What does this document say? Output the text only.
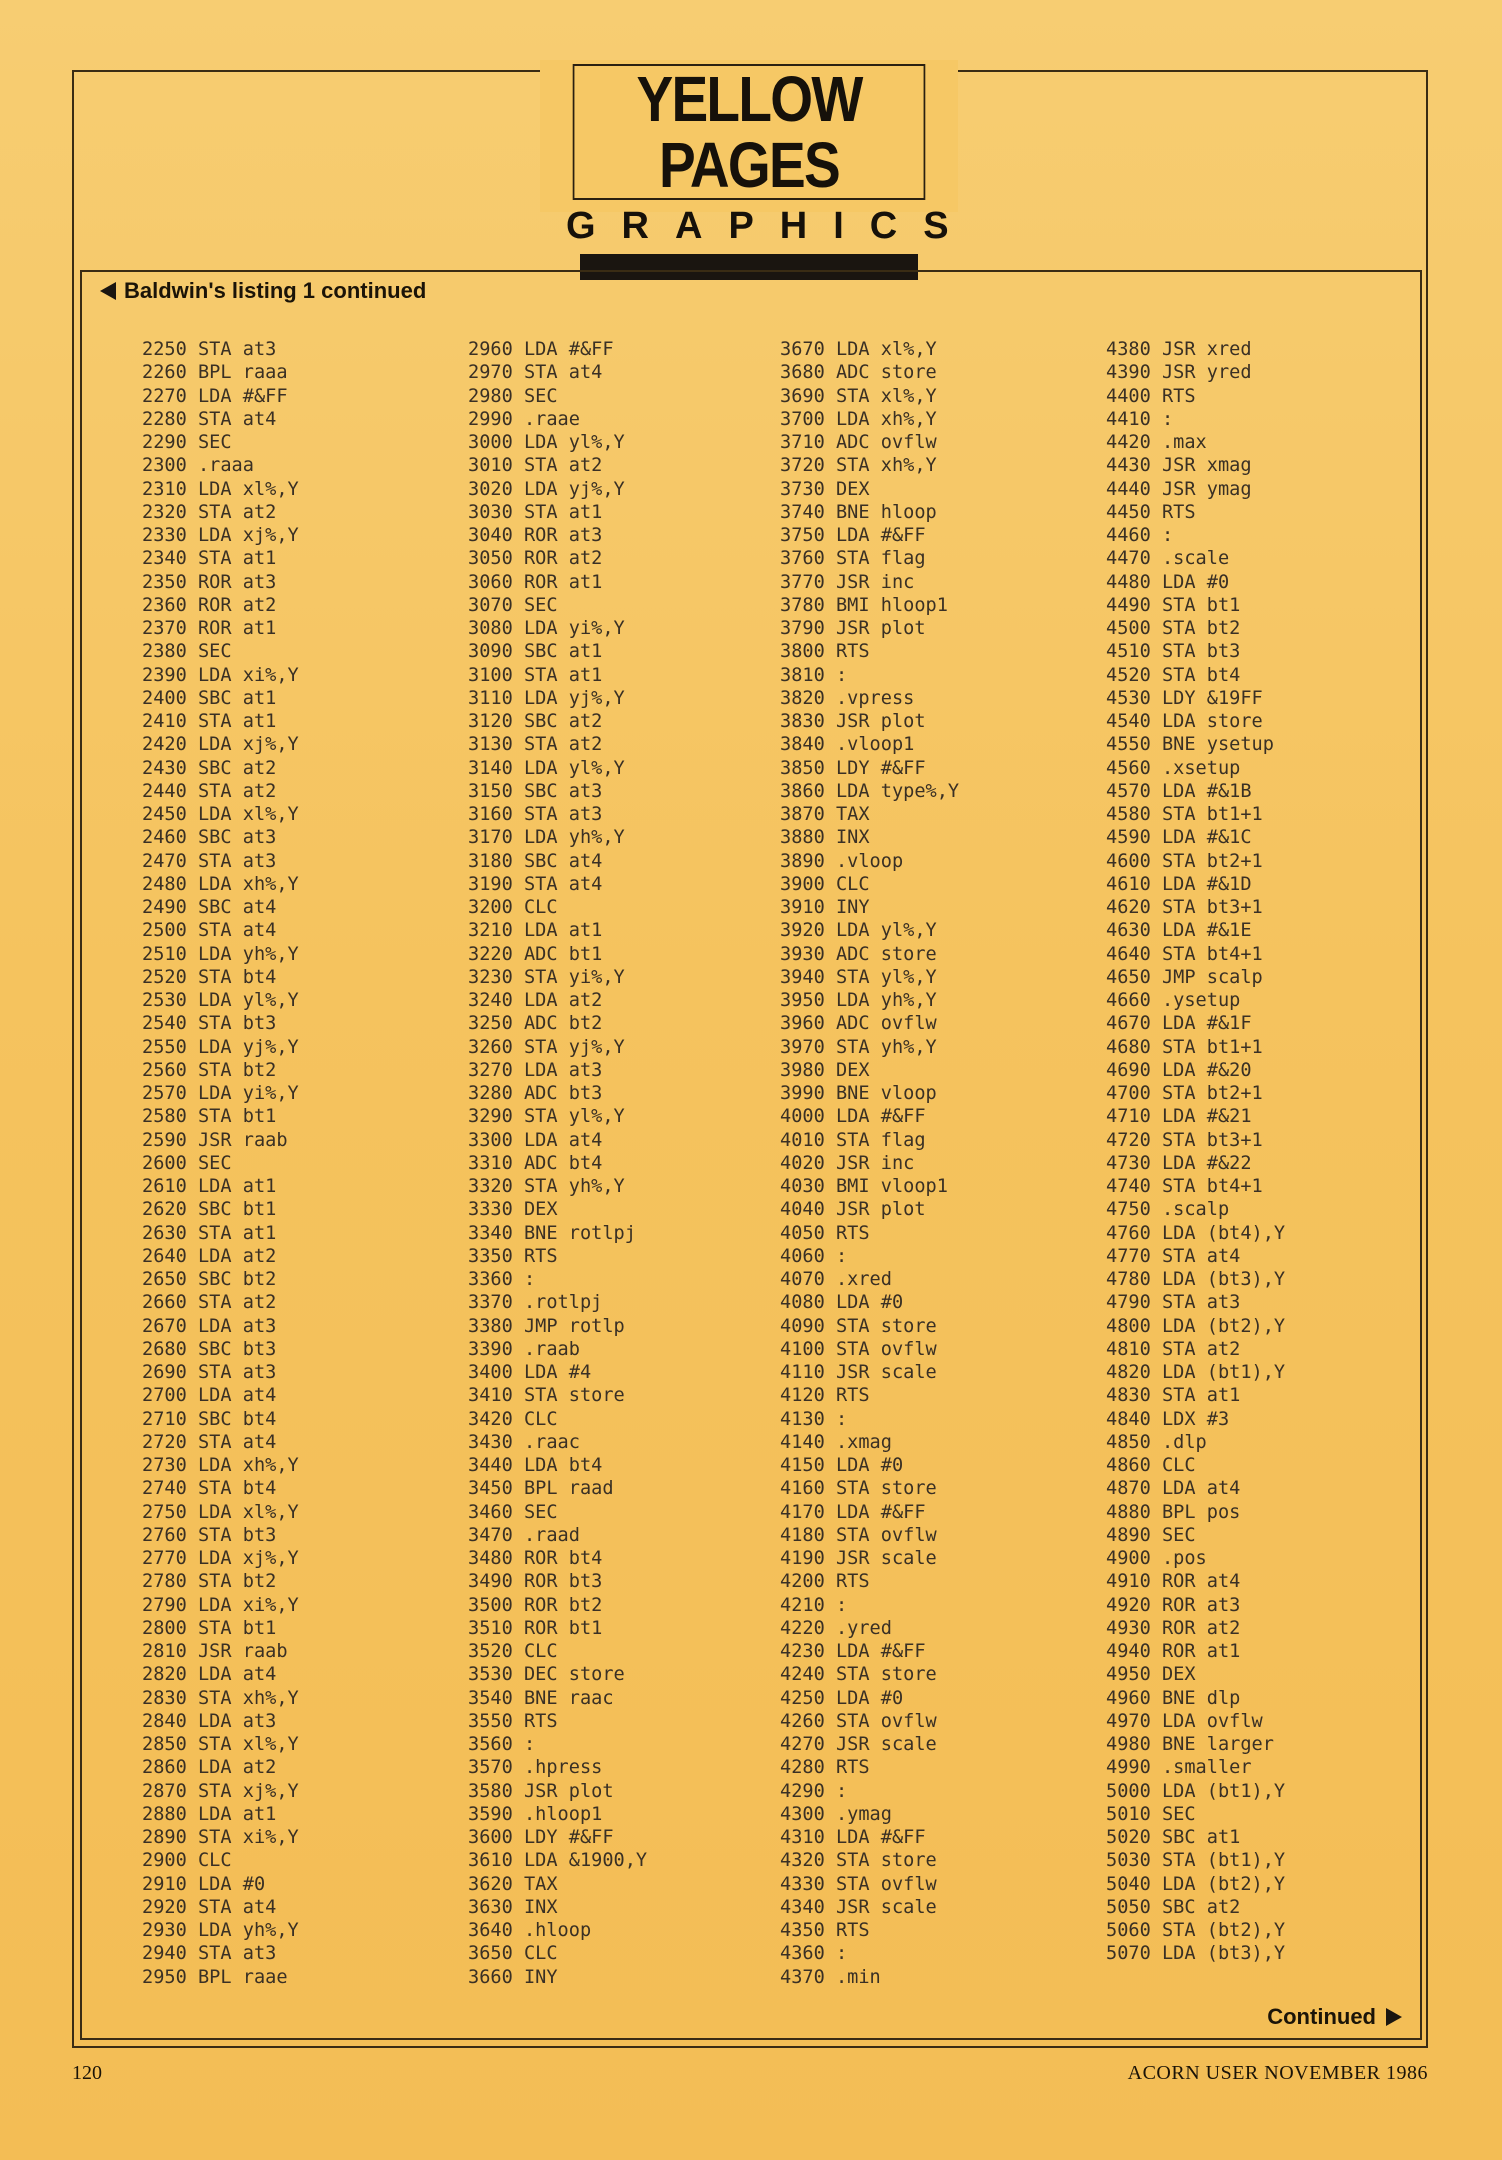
YELLOW PAGES
GRAPHICS
Baldwin's listing 1 continued
2250 STA at3
2260 BPL raaa
2270 LDA #&FF
2280 STA at4
2290 SEC
2300 .raaa
2310 LDA xl%,Y
2320 STA at2
2330 LDA xj%,Y
2340 STA at1
2350 ROR at3
2360 ROR at2
2370 ROR at1
2380 SEC
2390 LDA xi%,Y
2400 SBC at1
2410 STA at1
2420 LDA xj%,Y
2430 SBC at2
2440 STA at2
2450 LDA xl%,Y
2460 SBC at3
2470 STA at3
2480 LDA xh%,Y
2490 SBC at4
2500 STA at4
2510 LDA yh%,Y
2520 STA bt4
2530 LDA yl%,Y
2540 STA bt3
2550 LDA yj%,Y
2560 STA bt2
2570 LDA yi%,Y
2580 STA bt1
2590 JSR raab
2600 SEC
2610 LDA at1
2620 SBC bt1
2630 STA at1
2640 LDA at2
2650 SBC bt2
2660 STA at2
2670 LDA at3
2680 SBC bt3
2690 STA at3
2700 LDA at4
2710 SBC bt4
2720 STA at4
2730 LDA xh%,Y
2740 STA bt4
2750 LDA xl%,Y
2760 STA bt3
2770 LDA xj%,Y
2780 STA bt2
2790 LDA xi%,Y
2800 STA bt1
2810 JSR raab
2820 LDA at4
2830 STA xh%,Y
2840 LDA at3
2850 STA xl%,Y
2860 LDA at2
2870 STA xj%,Y
2880 LDA at1
2890 STA xi%,Y
2900 CLC
2910 LDA #0
2920 STA at4
2930 LDA yh%,Y
2940 STA at3
2950 BPL raae
2960 LDA #&FF
2970 STA at4
2980 SEC
2990 .raae
3000 LDA yl%,Y
3010 STA at2
3020 LDA yj%,Y
3030 STA at1
3040 ROR at3
3050 ROR at2
3060 ROR at1
3070 SEC
3080 LDA yi%,Y
3090 SBC at1
3100 STA at1
3110 LDA yj%,Y
3120 SBC at2
3130 STA at2
3140 LDA yl%,Y
3150 SBC at3
3160 STA at3
3170 LDA yh%,Y
3180 SBC at4
3190 STA at4
3200 CLC
3210 LDA at1
3220 ADC bt1
3230 STA yi%,Y
3240 LDA at2
3250 ADC bt2
3260 STA yj%,Y
3270 LDA at3
3280 ADC bt3
3290 STA yl%,Y
3300 LDA at4
3310 ADC bt4
3320 STA yh%,Y
3330 DEX
3340 BNE rotlpj
3350 RTS
3360 :
3370 .rotlpj
3380 JMP rotlp
3390 .raab
3400 LDA #4
3410 STA store
3420 CLC
3430 .raac
3440 LDA bt4
3450 BPL raad
3460 SEC
3470 .raad
3480 ROR bt4
3490 ROR bt3
3500 ROR bt2
3510 ROR bt1
3520 CLC
3530 DEC store
3540 BNE raac
3550 RTS
3560 :
3570 .hpress
3580 JSR plot
3590 .hloop1
3600 LDY #&FF
3610 LDA &1900,Y
3620 TAX
3630 INX
3640 .hloop
3650 CLC
3660 INY
3670 LDA xl%,Y
3680 ADC store
3690 STA xl%,Y
3700 LDA xh%,Y
3710 ADC ovflw
3720 STA xh%,Y
3730 DEX
3740 BNE hloop
3750 LDA #&FF
3760 STA flag
3770 JSR inc
3780 BMI hloop1
3790 JSR plot
3800 RTS
3810 :
3820 .vpress
3830 JSR plot
3840 .vloop1
3850 LDY #&FF
3860 LDA type%,Y
3870 TAX
3880 INX
3890 .vloop
3900 CLC
3910 INY
3920 LDA yl%,Y
3930 ADC store
3940 STA yl%,Y
3950 LDA yh%,Y
3960 ADC ovflw
3970 STA yh%,Y
3980 DEX
3990 BNE vloop
4000 LDA #&FF
4010 STA flag
4020 JSR inc
4030 BMI vloop1
4040 JSR plot
4050 RTS
4060 :
4070 .xred
4080 LDA #0
4090 STA store
4100 STA ovflw
4110 JSR scale
4120 RTS
4130 :
4140 .xmag
4150 LDA #0
4160 STA store
4170 LDA #&FF
4180 STA ovflw
4190 JSR scale
4200 RTS
4210 :
4220 .yred
4230 LDA #&FF
4240 STA store
4250 LDA #0
4260 STA ovflw
4270 JSR scale
4280 RTS
4290 :
4300 .ymag
4310 LDA #&FF
4320 STA store
4330 STA ovflw
4340 JSR scale
4350 RTS
4360 :
4370 .min
4380 JSR xred
4390 JSR yred
4400 RTS
4410 :
4420 .max
4430 JSR xmag
4440 JSR ymag
4450 RTS
4460 :
4470 .scale
4480 LDA #0
4490 STA bt1
4500 STA bt2
4510 STA bt3
4520 STA bt4
4530 LDY &19FF
4540 LDA store
4550 BNE ysetup
4560 .xsetup
4570 LDA #&1B
4580 STA bt1+1
4590 LDA #&1C
4600 STA bt2+1
4610 LDA #&1D
4620 STA bt3+1
4630 LDA #&1E
4640 STA bt4+1
4650 JMP scalp
4660 .ysetup
4670 LDA #&1F
4680 STA bt1+1
4690 LDA #&20
4700 STA bt2+1
4710 LDA #&21
4720 STA bt3+1
4730 LDA #&22
4740 STA bt4+1
4750 .scalp
4760 LDA (bt4),Y
4770 STA at4
4780 LDA (bt3),Y
4790 STA at3
4800 LDA (bt2),Y
4810 STA at2
4820 LDA (bt1),Y
4830 STA at1
4840 LDX #3
4850 .dlp
4860 CLC
4870 LDA at4
4880 BPL pos
4890 SEC
4900 .pos
4910 ROR at4
4920 ROR at3
4930 ROR at2
4940 ROR at1
4950 DEX
4960 BNE dlp
4970 LDA ovflw
4980 BNE larger
4990 .smaller
5000 LDA (bt1),Y
5010 SEC
5020 SBC at1
5030 STA (bt1),Y
5040 LDA (bt2),Y
5050 SBC at2
5060 STA (bt2),Y
5070 LDA (bt3),Y
Continued
120	ACORN USER NOVEMBER 1986
